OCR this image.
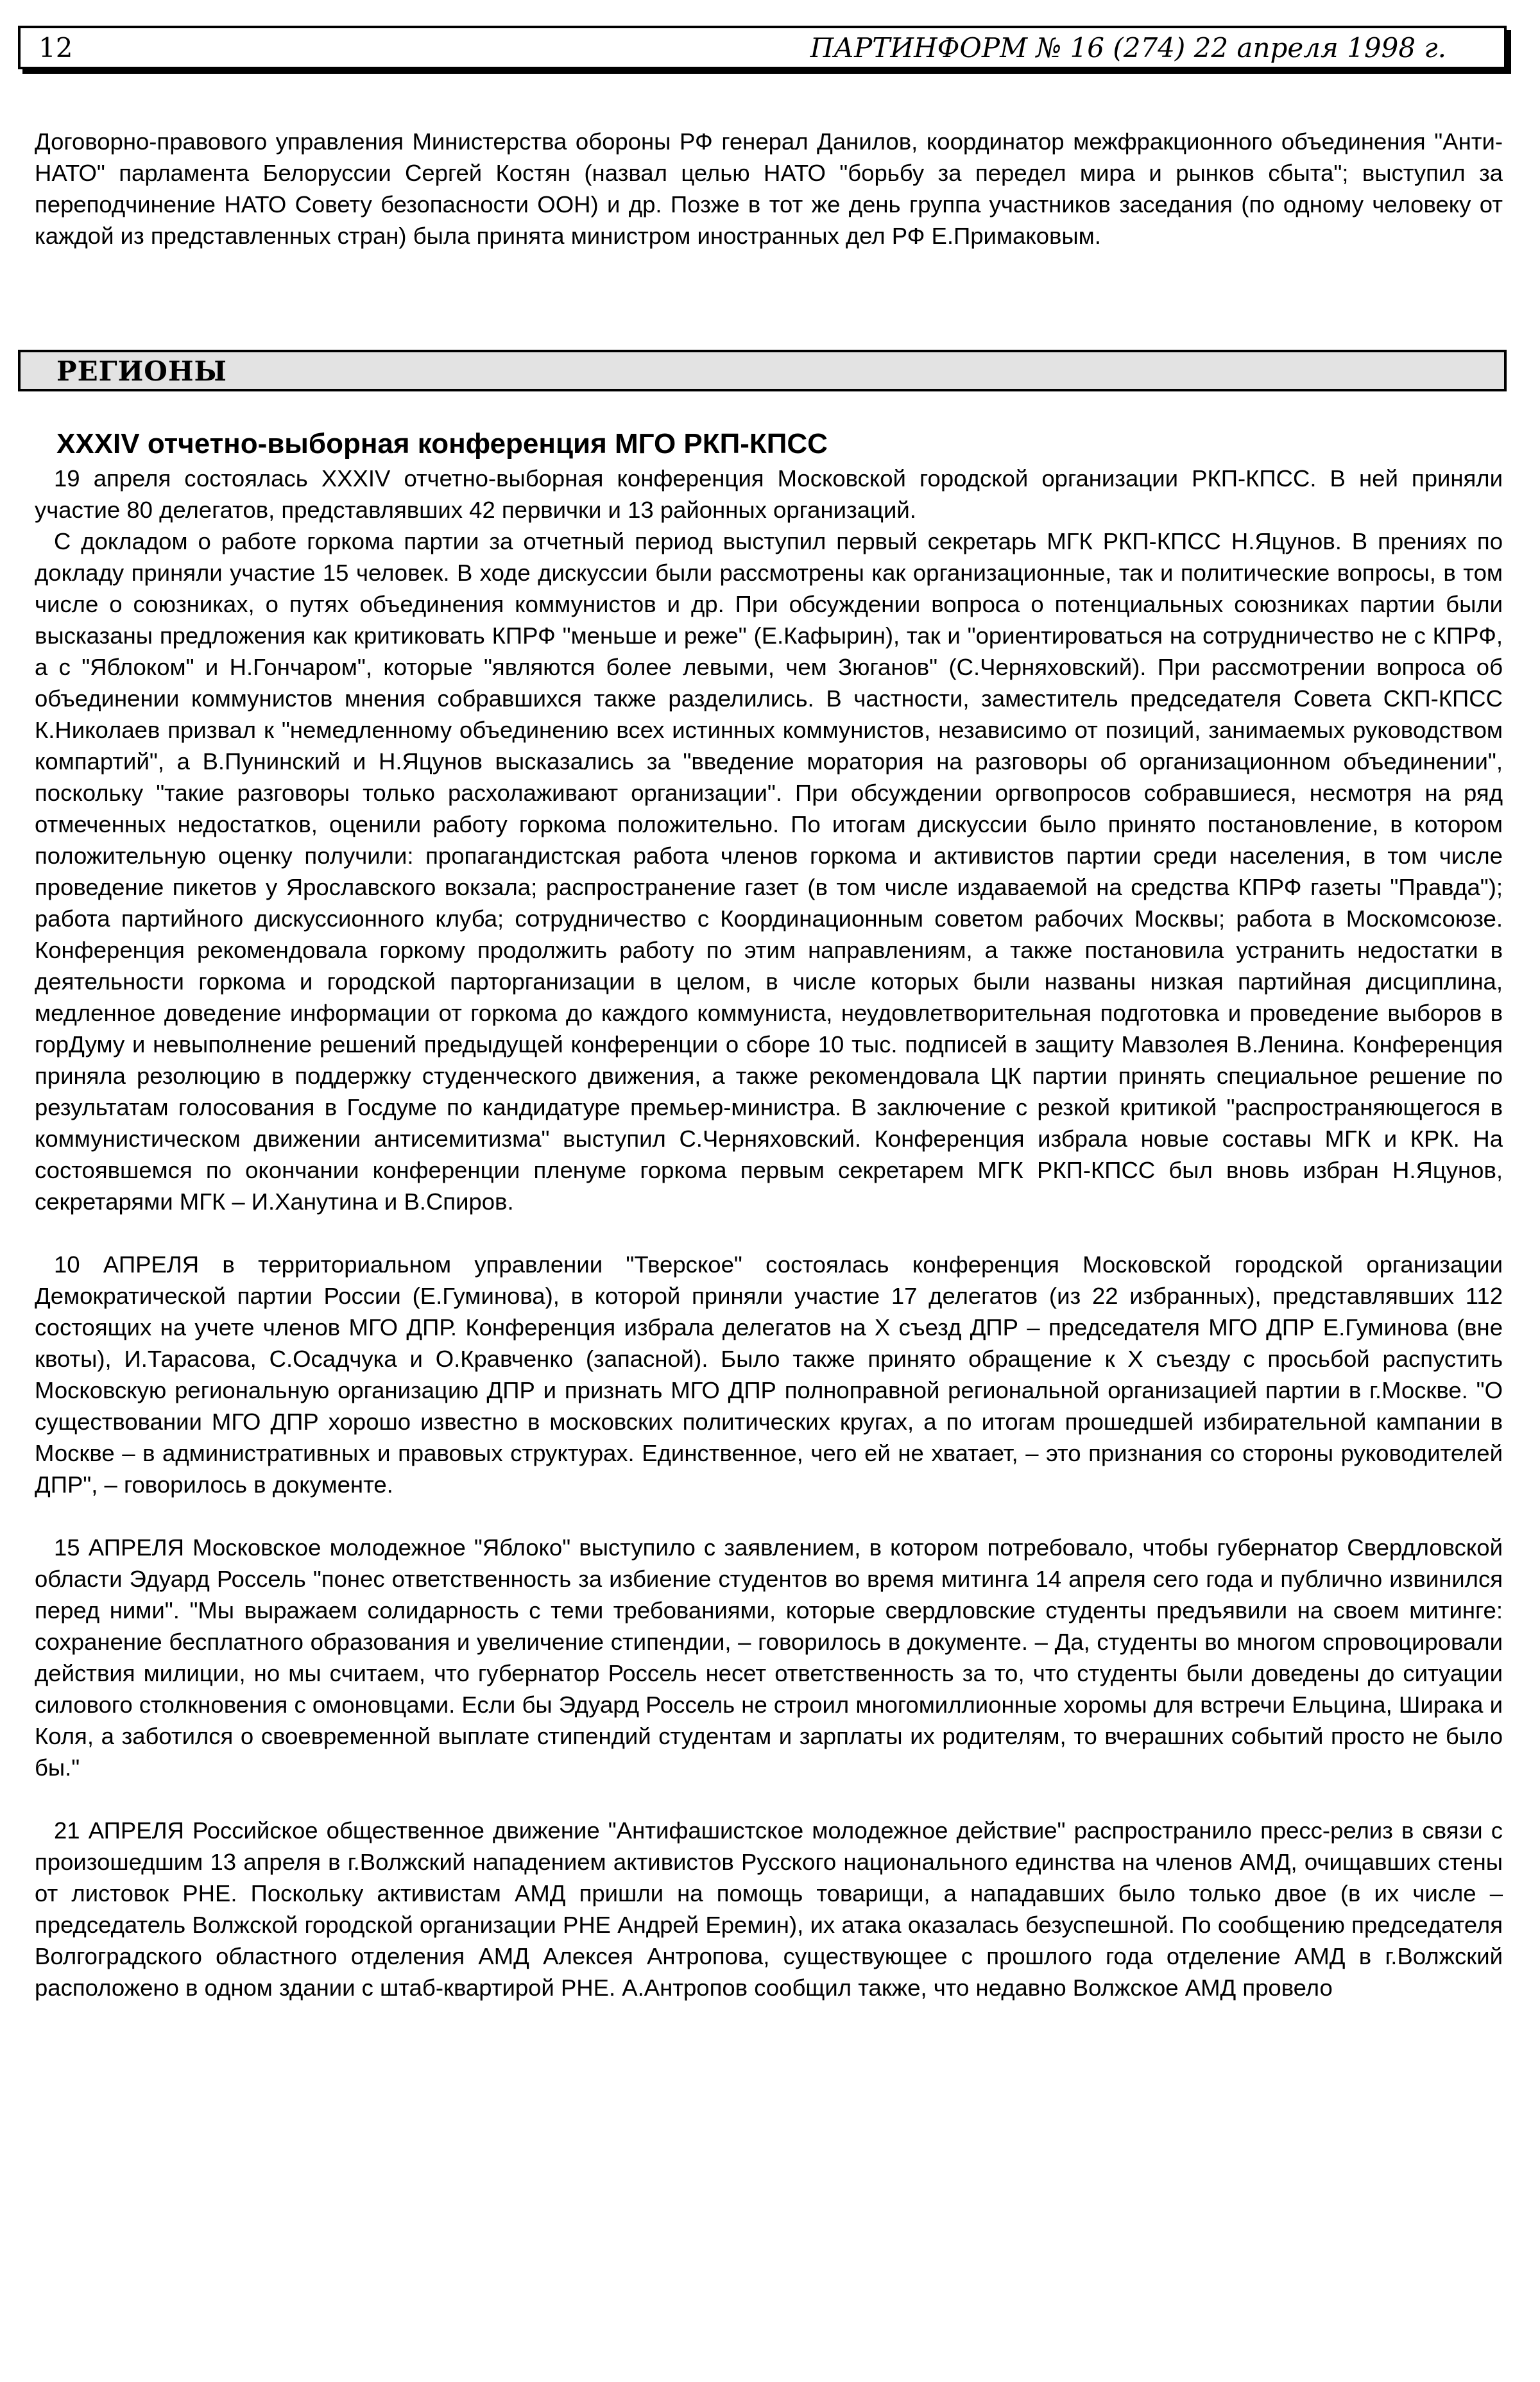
12	ПАРТИНФОРМ № 16 (274) 22 апреля 1998 г.

Договорно-правового управления Министерства обороны РФ генерал Данилов, координатор межфракционного объединения "Анти-НАТО" парламента Белоруссии Сергей Костян (назвал целью НАТО "борьбу за передел мира и рынков сбыта"; выступил за переподчинение НАТО Совету безопасности ООН) и др. Позже в тот же день группа участников заседания (по одному человеку от каждой из представленных стран) была принята министром иностранных дел РФ Е.Примаковым.

РЕГИОНЫ
XXXIV отчетно-выборная конференция МГО РКП-КПСС

19 апреля состоялась XXXIV отчетно-выборная конференция Московской городской организации РКП-КПСС. В ней приняли участие 80 делегатов, представлявших 42 первички и 13 районных организаций.

С докладом о работе горкома партии за отчетный период выступил первый секретарь МГК РКП-КПСС Н.Яцунов. В прениях по докладу приняли участие 15 человек. В ходе дискуссии были рассмотрены как организационные, так и политические вопросы, в том числе о союзниках, о путях объединения коммунистов и др. При обсуждении вопроса о потенциальных союзниках партии были высказаны предложения как критиковать КПРФ "меньше и реже" (Е.Кафырин), так и "ориентироваться на сотрудничество не с КПРФ, а с "Яблоком" и Н.Гончаром", которые "являются более левыми, чем Зюганов" (С.Черняховский). При рассмотрении вопроса об объединении коммунистов мнения собравшихся также разделились. В частности, заместитель председателя Совета СКП-КПСС К.Николаев призвал к "немедленному объединению всех истинных коммунистов, независимо от позиций, занимаемых руководством компартий", а В.Пунинский и Н.Яцунов высказались за "введение моратория на разговоры об организационном объединении", поскольку "такие разговоры только расхолаживают организации". При обсуждении оргвопросов собравшиеся, несмотря на ряд отмеченных недостатков, оценили работу горкома положительно. По итогам дискуссии было принято постановление, в котором положительную оценку получили: пропагандистская работа членов горкома и активистов партии среди населения, в том числе проведение пикетов у Ярославского вокзала; распространение газет (в том числе издаваемой на средства КПРФ газеты "Правда"); работа партийного дискуссионного клуба; сотрудничество с Координационным советом рабочих Москвы; работа в Москомсоюзе. Конференция рекомендовала горкому продолжить работу по этим направлениям, а также постановила устранить недостатки в деятельности горкома и городской парторганизации в целом, в числе которых были названы низкая партийная дисциплина, медленное доведение информации от горкома до каждого коммуниста, неудовлетворительная подготовка и проведение выборов в горДуму и невыполнение решений предыдущей конференции о сборе 10 тыс. подписей в защиту Мавзолея В.Ленина. Конференция приняла резолюцию в поддержку студенческого движения, а также рекомендовала ЦК партии принять специальное решение по результатам голосования в Госдуме по кандидатуре премьер-министра. В заключение с резкой критикой "распространяющегося в коммунистическом движении антисемитизма" выступил С.Черняховский. Конференция избрала новые составы МГК и КРК. На состоявшемся по окончании конференции пленуме горкома первым секретарем МГК РКП-КПСС был вновь избран Н.Яцунов, секретарями МГК – И.Ханутина и В.Спиров.

10 АПРЕЛЯ в территориальном управлении "Тверское" состоялась конференция Московской городской организации Демократической партии России (Е.Гуминова), в которой приняли участие 17 делегатов (из 22 избранных), представлявших 112 состоящих на учете членов МГО ДПР. Конференция избрала делегатов на X съезд ДПР – председателя МГО ДПР Е.Гуминова (вне квоты), И.Тарасова, С.Осадчука и О.Кравченко (запасной). Было также принято обращение к X съезду с просьбой распустить Московскую региональную организацию ДПР и признать МГО ДПР полноправной региональной организацией партии в г.Москве. "О существовании МГО ДПР хорошо известно в московских политических кругах, а по итогам прошедшей избирательной кампании в Москве – в административных и правовых структурах. Единственное, чего ей не хватает, – это признания со стороны руководителей ДПР", – говорилось в документе.

15 АПРЕЛЯ Московское молодежное "Яблоко" выступило с заявлением, в котором потребовало, чтобы губернатор Свердловской области Эдуард Россель "понес ответственность за избиение студентов во время митинга 14 апреля сего года и публично извинился перед ними". "Мы выражаем солидарность с теми требованиями, которые свердловские студенты предъявили на своем митинге: сохранение бесплатного образования и увеличение стипендии, – говорилось в документе. – Да, студенты во многом спровоцировали действия милиции, но мы считаем, что губернатор Россель несет ответственность за то, что студенты были доведены до ситуации силового столкновения с омоновцами. Если бы Эдуард Россель не строил многомиллионные хоромы для встречи Ельцина, Ширака и Коля, а заботился о своевременной выплате стипендий студентам и зарплаты их родителям, то вчерашних событий просто не было бы."

21 АПРЕЛЯ Российское общественное движение "Антифашистское молодежное действие" распространило пресс-релиз в связи с произошедшим 13 апреля в г.Волжский нападением активистов Русского национального единства на членов АМД, очищавших стены от листовок РНЕ. Поскольку активистам АМД пришли на помощь товарищи, а нападавших было только двое (в их числе – председатель Волжской городской организации РНЕ Андрей Еремин), их атака оказалась безуспешной. По сообщению председателя Волгоградского областного отделения АМД Алексея Антропова, существующее с прошлого года отделение АМД в г.Волжский расположено в одном здании с штаб-квартирой РНЕ. А.Антропов сообщил также, что недавно Волжское АМД провело
